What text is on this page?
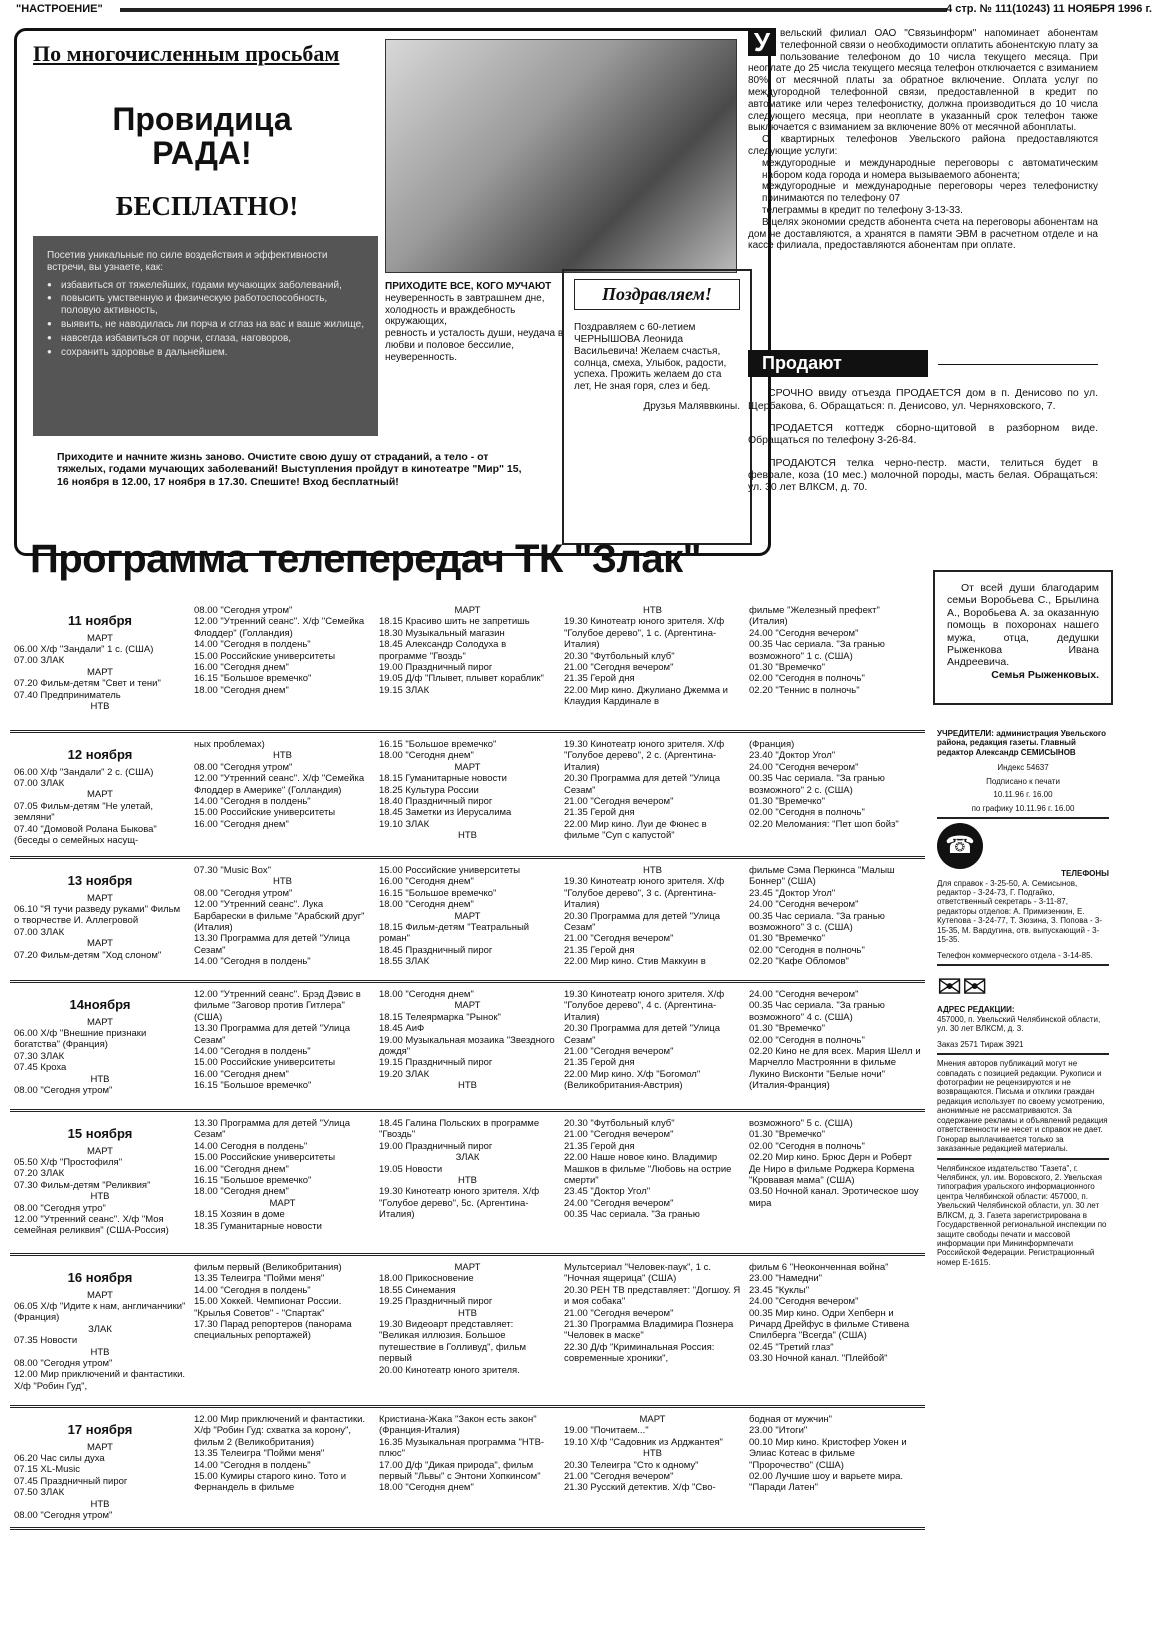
"НАСТРОЕНИЕ"	4 стр. № 111(10243) 11 НОЯБРЯ 1996 г.
По многочисленным просьбам
Провидица РАДА!
БЕСПЛАТНО!
Посетив уникальные по силе воздействия и эффективности встречи, вы узнаете, как:
● избавиться от тяжелейших, годами мучающих заболеваний,
● повысить умственную и физическую работоспособность, половую активность,
● выявить, не наводилась ли порча и сглаз на вас и ваше жилище,
● навсегда избавиться от порчи, сглаза, наговоров,
● сохранить здоровье в дальнейшем.
ПРИХОДИТЕ ВСЕ, КОГО МУЧАЮТ
неуверенность в завтрашнем дне,
холодность и враждебность окружающих,
ревность и усталость души, неудача в любви и половое бессилие,
неуверенность.
Приходите и начните жизнь заново. Очистите свою душу от страданий, а тело - от тяжелых, годами мучающих заболеваний! Выступления пройдут в кинотеатре "Мир" 15, 16 ноября в 12.00, 17 ноября в 17.30. Спешите! Вход бесплатный!
Поздравляем!
Поздравляем с 60-летием ЧЕРНЫШОВА Леонида Васильевича! Желаем счастья, солнца, смеха, Улыбок, радости, успеха. Прожить желаем до ста лет, Не зная горя, слез и бед.
Друзья Маляввкины.
У вельский филиал ОАО "Связьинформ" напоминает абонентам телефонной связи о необходимости оплатить абонентскую плату за пользование телефоном до 10 числа текущего месяца. При неоплате до 25 числа текущего месяца телефон отключается с взиманием 80% от месячной платы за обратное включение. Оплата услуг по междугородной телефонной связи, предоставленной в кредит по автоматике или через телефонистку, должна производиться до 10 числа следующего месяца, при неоплате в указанный срок телефон также выключается с взиманием за включение 80% от месячной абонплаты.

С квартирных телефонов Увельского района предоставляются следующие услуги:

междугородные и международные переговоры с автоматическим набором кода города и номера вызываемого абонента;

междугородные и международные переговоры через телефонистку принимаются по телефону 07

телеграммы в кредит по телефону 3-13-33.

В целях экономии средств абонента счета на переговоры абонентам на дом не доставляются, а хранятся в памяти ЭВМ в расчетном отделе и на кассе филиала, предоставляются абонентам при оплате.

Продают

СРОЧНО ввиду отъезда ПРОДАЕТСЯ дом в п. Денисово по ул. Щербакова, 6. Обращаться: п. Денисово, ул. Черняховского, 7.

ПРОДАЕТСЯ коттедж сборно-щитовой в разборном виде. Обращаться по телефону 3-26-84.

ПРОДАЮТСЯ телка черно-пестр. масти, телиться будет в феврале, коза (10 мес.) молочной породы, масть белая. Обращаться: ул. 30 лет ВЛКСМ, д. 70.

Программа телепередач ТК "Злак"
11 ноября
МАРТ
06.00 Х/ф "Зандали" 1 с. (США)
07.00 ЗЛАК
МАРТ
07.20 Фильм-детям "Свет и тени"
07.40 Предприниматель
НТВ
08.00 "Сегодня утром"
12.00 "Утренний сеанс". Х/ф "Семейка Флоддер" (Голландия)
14.00 "Сегодня в полдень"
15.00 Российские университеты
16.00 "Сегодня днем"
16.15 "Большое времечко"
18.00 "Сегодня днем"
МАРТ
18.15 Красиво шить не запретишь
18.30 Музыкальный магазин
18.45 Александр Солодуха в программе "Гвоздь"
19.00 Праздничный пирог
19.05 Д/ф "Плывет, плывет кораблик"
19.15 ЗЛАК
НТВ
19.30 Кинотеатр юного зрителя. Х/ф "Голубое дерево", 1 с. (Аргентина-Италия)
20.30 "Футбольный клуб"
21.00 "Сегодня вечером"
21.35 Герой дня
22.00 Мир кино. Джулиано Джемма и Клаудия Кардинале в
фильме "Железный префект" (Италия)
24.00 "Сегодня вечером"
00.35 Час сериала. "За гранью возможного" 1 с. (США)
01.30 "Времечко"
02.00 "Сегодня в полночь"
02.20 "Теннис в полночь"
12 ноября
06.00 Х/ф "Зандали" 2 с. (США)
07.00 ЗЛАК
МАРТ
07.05 Фильм-детям "Не улетай, земляни"
07.40 "Домовой Ролана Быкова" (беседы о семейных насущ-
ных проблемах)
НТВ
08.00 "Сегодня утром"
12.00 "Утренний сеанс". Х/ф "Семейка Флоддер в Америке" (Голландия)
14.00 "Сегодня в полдень"
15.00 Российские университеты
16.00 "Сегодня днем"
16.15 "Большое времечко"
18.00 "Сегодня днем"
МАРТ
18.15 Гуманитарные новости
18.25 Культура России
18.40 Праздничный пирог
18.45 Заметки из Иерусалима
19.10 ЗЛАК
НТВ
19.30 Кинотеатр юного зрителя. Х/ф "Голубое дерево", 2 с. (Аргентина-Италия)
20.30 Программа для детей "Улица Сезам"
21.00 "Сегодня вечером"
21.35 Герой дня
22.00 Мир кино. Луи де Фюнес в фильме "Суп с капустой"
(Франция)
23.40 "Доктор Угол"
24.00 "Сегодня вечером"
00.35 Час сериала. "За гранью возможного" 2 с. (США)
01.30 "Времечко"
02.00 "Сегодня в полночь"
02.20 Меломания: "Пет шоп бойз"
13 ноября
МАРТ
06.10 "Я тучи разведу руками" Фильм о творчестве И. Аллегровой
07.00 ЗЛАК
МАРТ
07.20 Фильм-детям "Ход слоном"
07.30 "Music Box"
НТВ
08.00 "Сегодня утром"
12.00 "Утренний сеанс". Лука Барбарески в фильме "Арабский друг" (Италия)
13.30 Программа для детей "Улица Сезам"
14.00 "Сегодня в полдень"
15.00 Российские университеты
16.00 "Сегодня днем"
16.15 "Большое времечко"
18.00 "Сегодня днем"
МАРТ
18.15 Фильм-детям "Театральный роман"
18.45 Праздничный пирог
18.55 ЗЛАК
НТВ
19.30 Кинотеатр юного зрителя. Х/ф "Голубое дерево", 3 с. (Аргентина-Италия)
20.30 Программа для детей "Улица Сезам"
21.00 "Сегодня вечером"
21.35 Герой дня
22.00 Мир кино. Стив Маккуин в
фильме Сэма Перкинса "Малыш Боннер" (США)
23.45 "Доктор Угол"
24.00 "Сегодня вечером"
00.35 Час сериала. "За гранью возможного" 3 с. (США)
01.30 "Времечко"
02.00 "Сегодня в полночь"
02.20 "Кафе Обломов"
14ноября
МАРТ
06.00 Х/ф "Внешние признаки богатства" (Франция)
07.30 ЗЛАК
07.45 Кроха
НТВ
08.00 "Сегодня утром"
12.00 "Утренний сеанс". Брэд Дэвис в фильме "Заговор против Гитлера" (США)
13.30 Программа для детей "Улица Сезам"
14.00 "Сегодня в полдень"
15.00 Российские университеты
16.00 "Сегодня днем"
16.15 "Большое времечко"
18.00 "Сегодня днем"
МАРТ
18.15 Телеярмарка "Рынок"
18.45 АиФ
19.00 Музыкальная мозаика "Звездного дождя"
19.15 Праздничный пирог
19.20 ЗЛАК
НТВ
19.30 Кинотеатр юного зрителя. Х/ф "Голубое дерево", 4 с. (Аргентина-Италия)
20.30 Программа для детей "Улица Сезам"
21.00 "Сегодня вечером"
21.35 Герой дня
22.00 Мир кино. Х/ф "Богомол" (Великобритания-Австрия)
24.00 "Сегодня вечером"
00.35 Час сериала. "За гранью возможного" 4 с. (США)
01.30 "Времечко"
02.00 "Сегодня в полночь"
02.20 Кино не для всех. Мария Шелл и Марчелло Мастроянни в фильме Лукино Висконти "Белые ночи" (Италия-Франция)
15 ноября
МАРТ
05.50 Х/ф "Простофиля"
07.20 ЗЛАК
07.30 Фильм-детям "Реликвия"
НТВ
08.00 "Сегодня утро"
12.00 "Утренний сеанс". Х/ф "Моя семейная реликвия" (США-Россия)
13.30 Программа для детей "Улица Сезам"
14.00 Сегодня в полдень"
15.00 Российские университеты
16.00 "Сегодня днем"
16.15 "Большое времечко"
18.00 "Сегодня днем"
МАРТ
18.15 Хозяин в доме
18.35 Гуманитарные новости
18.45 Галина Польских в программе "Гвоздь"
19.00 Праздничный пирог
ЗЛАК
19.05 Новости
НТВ
19.30 Кинотеатр юного зрителя. Х/ф "Голубое дерево", 5с. (Аргентина-Италия)
20.30 "Футбольный клуб"
21.00 "Сегодня вечером"
21.35 Герой дня
22.00 Наше новое кино. Владимир Машков в фильме "Любовь на острие смерти"
23.45 "Доктор Угол"
24.00 "Сегодня вечером"
00.35 Час сериала. "За гранью
возможного" 5 с. (США)
01.30 "Времечко"
02.00 "Сегодня в полночь"
02.20 Мир кино. Брюс Дерн и Роберт Де Ниро в фильме Роджера Кормена "Кровавая мама" (США)
03.50 Ночной канал. Эротическое шоу мира
16 ноября
МАРТ
06.05 Х/ф "Идите к нам, англичанчики" (Франция)
ЗЛАК
07.35 Новости
НТВ
08.00 "Сегодня утром"
12.00 Мир приключений и фантастики. Х/ф "Робин Гуд",
фильм первый (Великобритания)
13.35 Телеигра "Пойми меня"
14.00 "Сегодня в полдень"
15.00 Хоккей. Чемпионат России. "Крылья Советов" - "Спартак"
17.30 Парад репортеров (панорама специальных репортажей)
МАРТ
18.00 Прикосновение
18.55 Синемания
19.25 Праздничный пирог
НТВ
19.30 Видеоарт представляет: "Великая иллюзия. Большое путешествие в Голливуд", фильм первый
20.00 Кинотеатр юного зрителя.
Мультсериал "Человек-паук", 1 с. "Ночная ящерица" (США)
20.30 РЕН ТВ представляет: "Догшоу. Я и моя собака"
21.00 "Сегодня вечером"
21.30 Программа Владимира Познера "Человек в маске"
22.30 Д/ф "Криминальная Россия: современные хроники",
фильм 6 "Неоконченная война"
23.00 "Намедни"
23.45 "Куклы"
24.00 "Сегодня вечером"
00.35 Мир кино. Одри Хепберн и Ричард Дрейфус в фильме Стивена Спилберга "Всегда" (США)
02.45 "Третий глаз"
03.30 Ночной канал. "Плейбой"
17 ноября
МАРТ
06.20 Час силы духа
07.15 XL-Music
07.45 Праздничный пирог
07.50 ЗЛАК
НТВ
08.00 "Сегодня утром"
12.00 Мир приключений и фантастики. Х/ф "Робин Гуд: схватка за корону", фильм 2 (Великобритания)
13.35 Телеигра "Пойми меня"
14.00 "Сегодня в полдень"
15.00 Кумиры старого кино. Тото и Фернандель в фильме
Кристиана-Жака "Закон есть закон" (Франция-Италия)
16.35 Музыкальная программа "НТВ-плюс"
17.00 Д/ф "Дикая природа", фильм первый "Львы" с Энтони Хопкинсом"
18.00 "Сегодня днем"
МАРТ
19.00 "Почитаем..."
19.10 Х/ф "Садовник из Арджантея"
НТВ
20.30 Телеигра "Сто к одному"
21.00 "Сегодня вечером"
21.30 Русский детектив. Х/ф "Сво-
бодная от мужчин"
23.00 "Итоги"
00.10 Мир кино. Кристофер Уокен и Элиас Котеас в фильме "Пророчество" (США)
02.00 Лучшие шоу и варьете мира. "Паради Латен"
От всей души благодарим семьи Воробьева С., Брылина А., Воробьева А. за оказанную помощь в похоронах нашего мужа, отца, дедушки Рыженкова Ивана Андреевича.
Семья Рыженковых.
УЧРЕДИТЕЛИ: администрация Увельского района, редакция газеты. Главный редактор Александр СЕМИСЫНОВ
Индекс 54637
Подписано к печати
10.11.96 г. 16.00
по графику 10.11.96 г. 16.00
☎
ТЕЛЕФОНЫ
Для справок - 3-25-50, А. Семисынов, редактор - 3-24-73, Г. Подгайко, ответственный секретарь - 3-11-87, редакторы отделов: А. Примизенкин, Е. Кутепова - 3-24-77, Т. Зюзина, З. Попова - 3-15-35, М. Вардугина, отв. выпускающий - 3-15-35.
Телефон коммерческого отдела - 3-14-85.
✉✉
АДРЕС РЕДАКЦИИ:
457000, п. Увельский Челябинской области, ул. 30 лет ВЛКСМ, д. 3.
Заказ 2571 Тираж 3921
Мнения авторов публикаций могут не совпадать с позицией редакции. Рукописи и фотографии не рецензируются и не возвращаются. Письма и отклики граждан редакция использует по своему усмотрению, анонимные не рассматриваются. За содержание рекламы и объявлений редакция ответственности не несет и справок не дает. Гонорар выплачивается только за заказанные редакцией материалы.
Челябинское издательство "Газета", г. Челябинск, ул. им. Воровского, 2. Увельская типография уральского информационного центра Челябинской области: 457000, п. Увельский Челябинской области, ул. 30 лет ВЛКСМ, д. 3. Газета зарегистрирована в Государственной региональной инспекции по защите свободы печати и массовой информации при Мининформпечати Российской Федерации. Регистрационный номер Е-1615.
